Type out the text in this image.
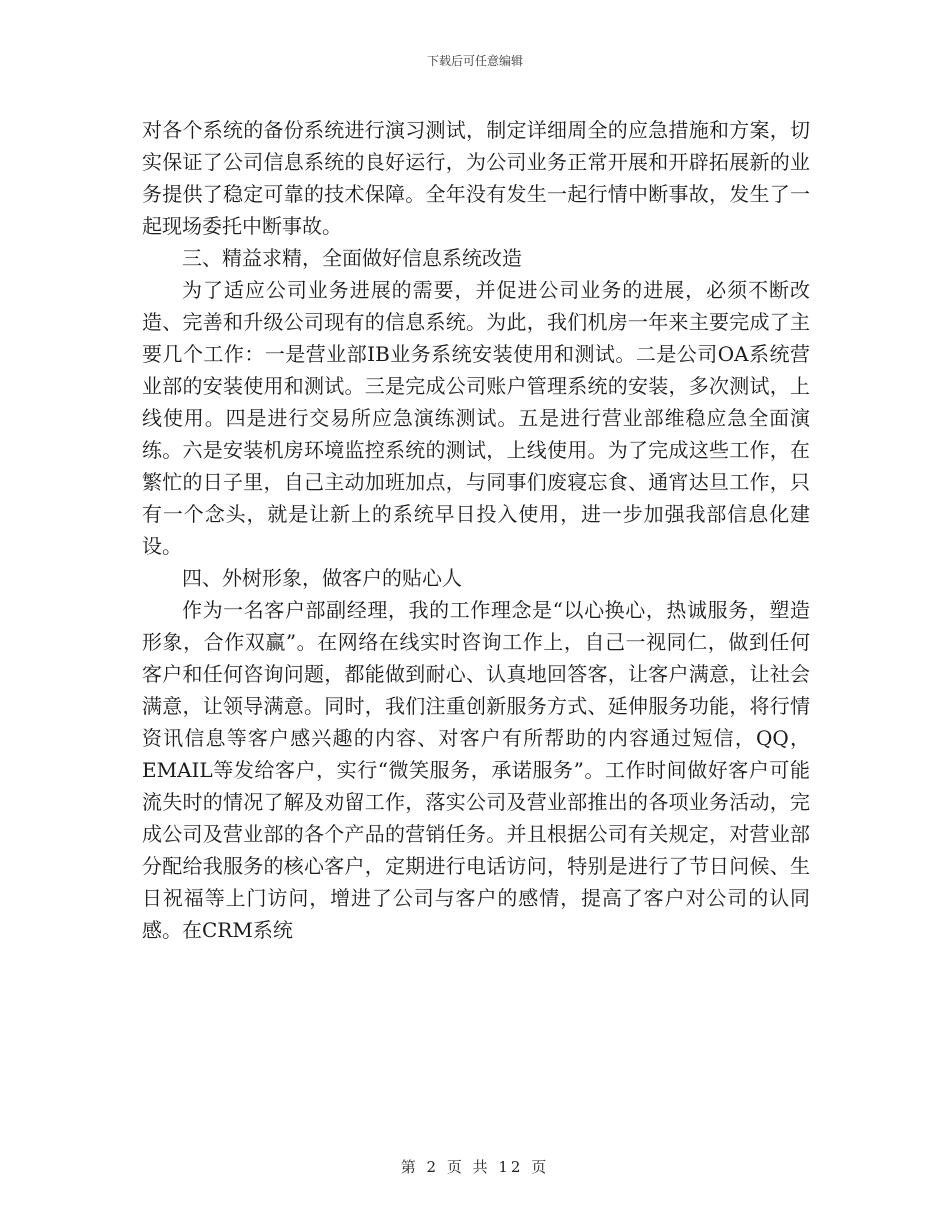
下载后可任意编辑

对各个系统的备份系统进行演习测试，制定详细周全的应急措施和方案，切实保证了公司信息系统的良好运行，为公司业务正常开展和开辟拓展新的业务提供了稳定可靠的技术保障。全年没有发生一起行情中断事故，发生了一起现场委托中断事故。

三、精益求精，全面做好信息系统改造

为了适应公司业务进展的需要，并促进公司业务的进展，必须不断改造、完善和升级公司现有的信息系统。为此，我们机房一年来主要完成了主要几个工作：一是营业部IB业务系统安装使用和测试。二是公司OA系统营业部的安装使用和测试。三是完成公司账户管理系统的安装，多次测试，上线使用。四是进行交易所应急演练测试。五是进行营业部维稳应急全面演练。六是安装机房环境监控系统的测试，上线使用。为了完成这些工作，在繁忙的日子里，自己主动加班加点，与同事们废寝忘食、通宵达旦工作，只有一个念头，就是让新上的系统早日投入使用，进一步加强我部信息化建设。

四、外树形象，做客户的贴心人

作为一名客户部副经理，我的工作理念是“以心换心，热诚服务，塑造形象，合作双赢”。在网络在线实时咨询工作上，自己一视同仁，做到任何客户和任何咨询问题，都能做到耐心、认真地回答客，让客户满意，让社会满意，让领导满意。同时，我们注重创新服务方式、延伸服务功能，将行情资讯信息等客户感兴趣的内容、对客户有所帮助的内容通过短信，QQ，EMAIL等发给客户，实行“微笑服务，承诺服务”。工作时间做好客户可能流失时的情况了解及劝留工作，落实公司及营业部推出的各项业务活动，完成公司及营业部的各个产品的营销任务。并且根据公司有关规定，对营业部分配给我服务的核心客户，定期进行电话访问，特别是进行了节日问候、生日祝福等上门访问，增进了公司与客户的感情，提高了客户对公司的认同感。在CRM系统

第 2 页 共 12 页
